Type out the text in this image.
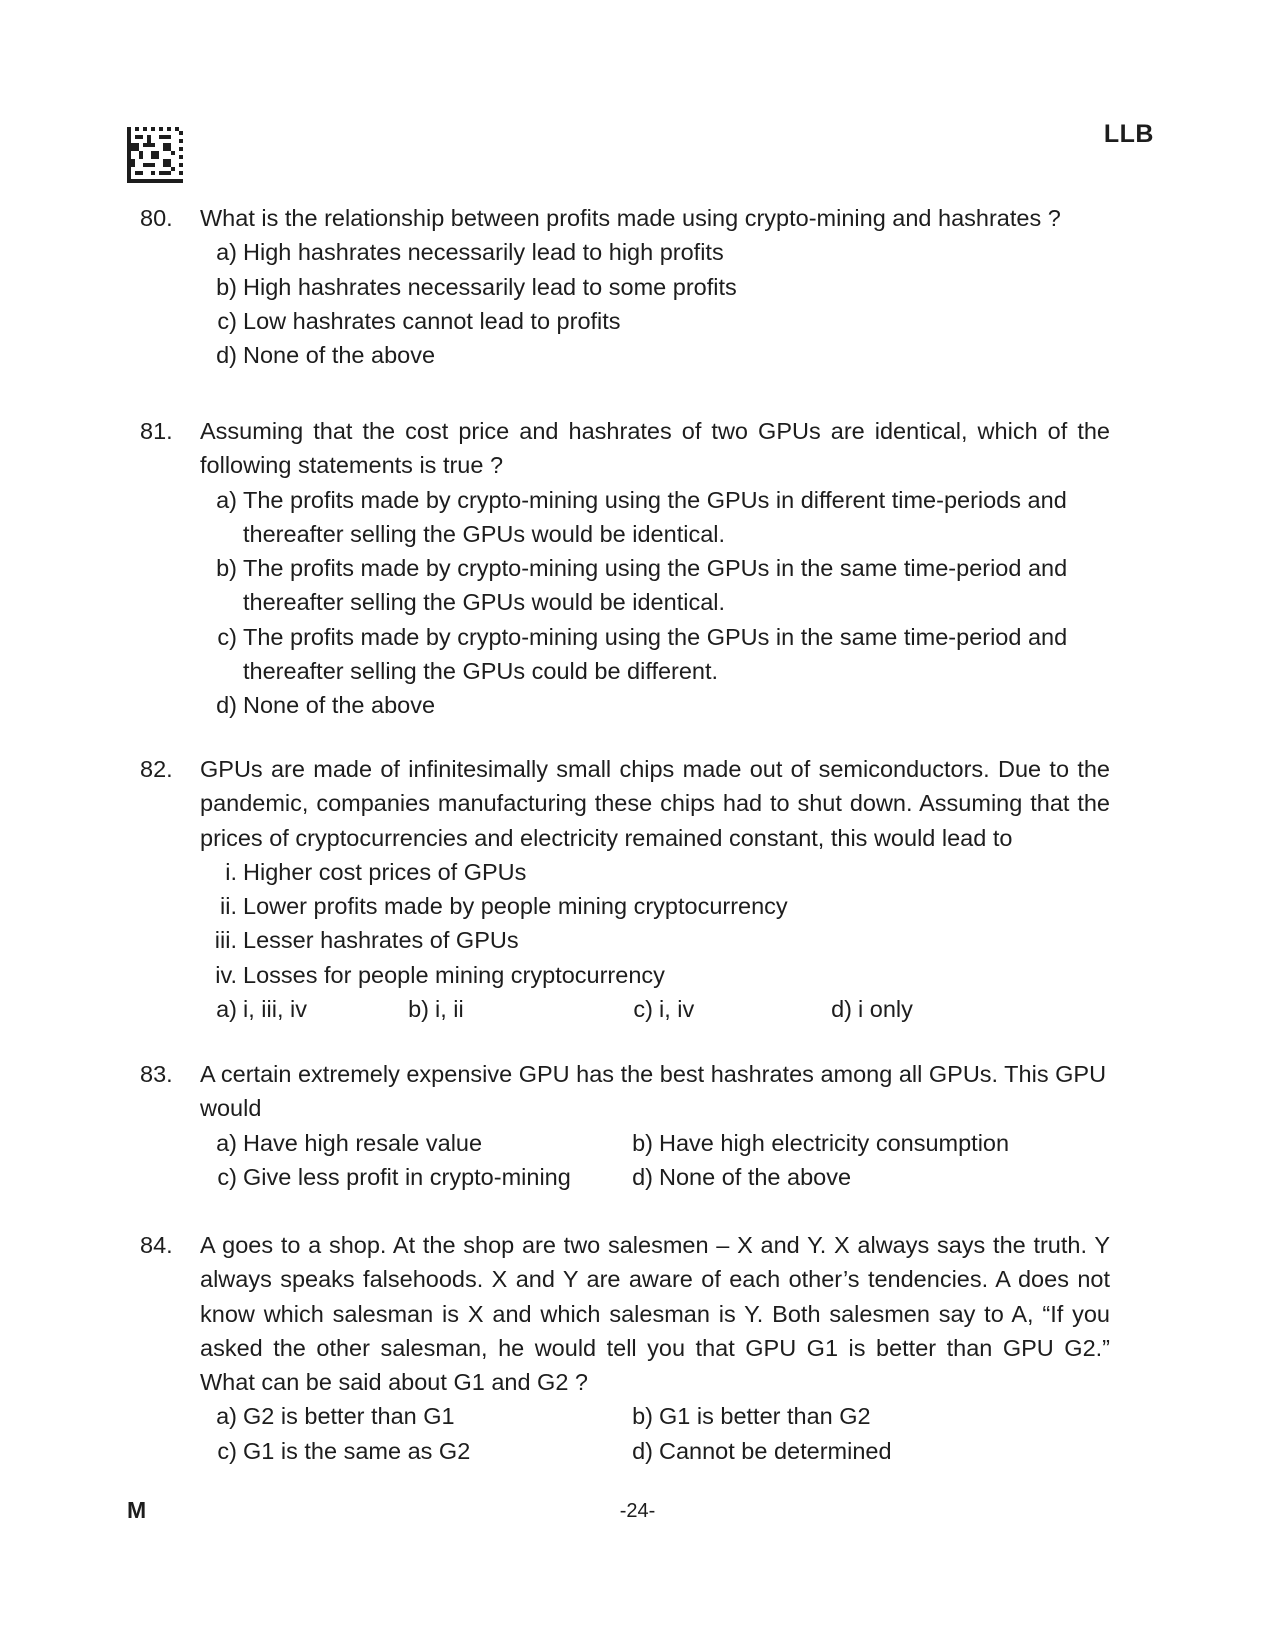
LLB
80. What is the relationship between profits made using crypto-mining and hashrates ?
a) High hashrates necessarily lead to high profits
b) High hashrates necessarily lead to some profits
c) Low hashrates cannot lead to profits
d) None of the above
81. Assuming that the cost price and hashrates of two GPUs are identical, which of the following statements is true ?
a) The profits made by crypto-mining using the GPUs in different time-periods and thereafter selling the GPUs would be identical.
b) The profits made by crypto-mining using the GPUs in the same time-period and thereafter selling the GPUs would be identical.
c) The profits made by crypto-mining using the GPUs in the same time-period and thereafter selling the GPUs could be different.
d) None of the above
82. GPUs are made of infinitesimally small chips made out of semiconductors. Due to the pandemic, companies manufacturing these chips had to shut down. Assuming that the prices of cryptocurrencies and electricity remained constant, this would lead to
i. Higher cost prices of GPUs
ii. Lower profits made by people mining cryptocurrency
iii. Lesser hashrates of GPUs
iv. Losses for people mining cryptocurrency
a) i, iii, iv	b) i, ii	c) i, iv	d) i only
83. A certain extremely expensive GPU has the best hashrates among all GPUs. This GPU would
a) Have high resale value	b) Have high electricity consumption
c) Give less profit in crypto-mining	d) None of the above
84. A goes to a shop. At the shop are two salesmen – X and Y. X always says the truth. Y always speaks falsehoods. X and Y are aware of each other’s tendencies. A does not know which salesman is X and which salesman is Y. Both salesmen say to A, “If you asked the other salesman, he would tell you that GPU G1 is better than GPU G2.” What can be said about G1 and G2 ?
a) G2 is better than G1	b) G1 is better than G2
c) G1 is the same as G2	d) Cannot be determined
M	-24-
